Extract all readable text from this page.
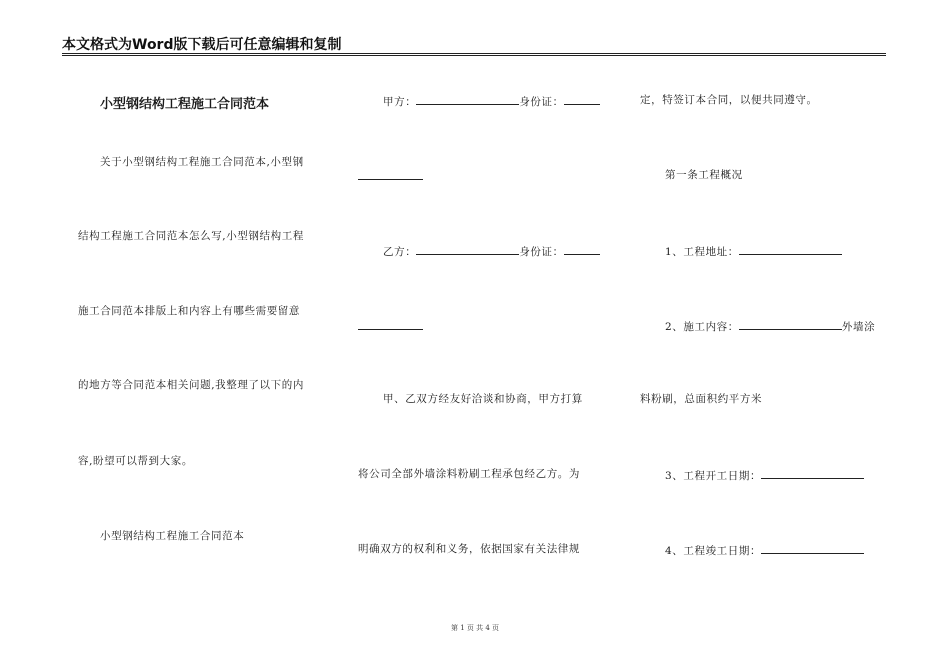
本文格式为Word版下载后可任意编辑和复制
小型钢结构工程施工合同范本
关于小型钢结构工程施工合同范本,小型钢
结构工程施工合同范本怎么写,小型钢结构工程
施工合同范本排版上和内容上有哪些需要留意
的地方等合同范本相关问题,我整理了以下的内
容,盼望可以帮到大家。
小型钢结构工程施工合同范本
甲方：	身份证：
乙方：	身份证：
甲、乙双方经友好洽谈和协商，甲方打算
将公司全部外墙涂料粉刷工程承包经乙方。为
明确双方的权利和义务，依据国家有关法律规
定，特签订本合同，以便共同遵守。
第一条工程概况
1、工程地址：
2、施工内容：	外墙涂
料粉刷，总面积约平方米
3、工程开工日期：
4、工程竣工日期：
第 1 页 共 4 页
